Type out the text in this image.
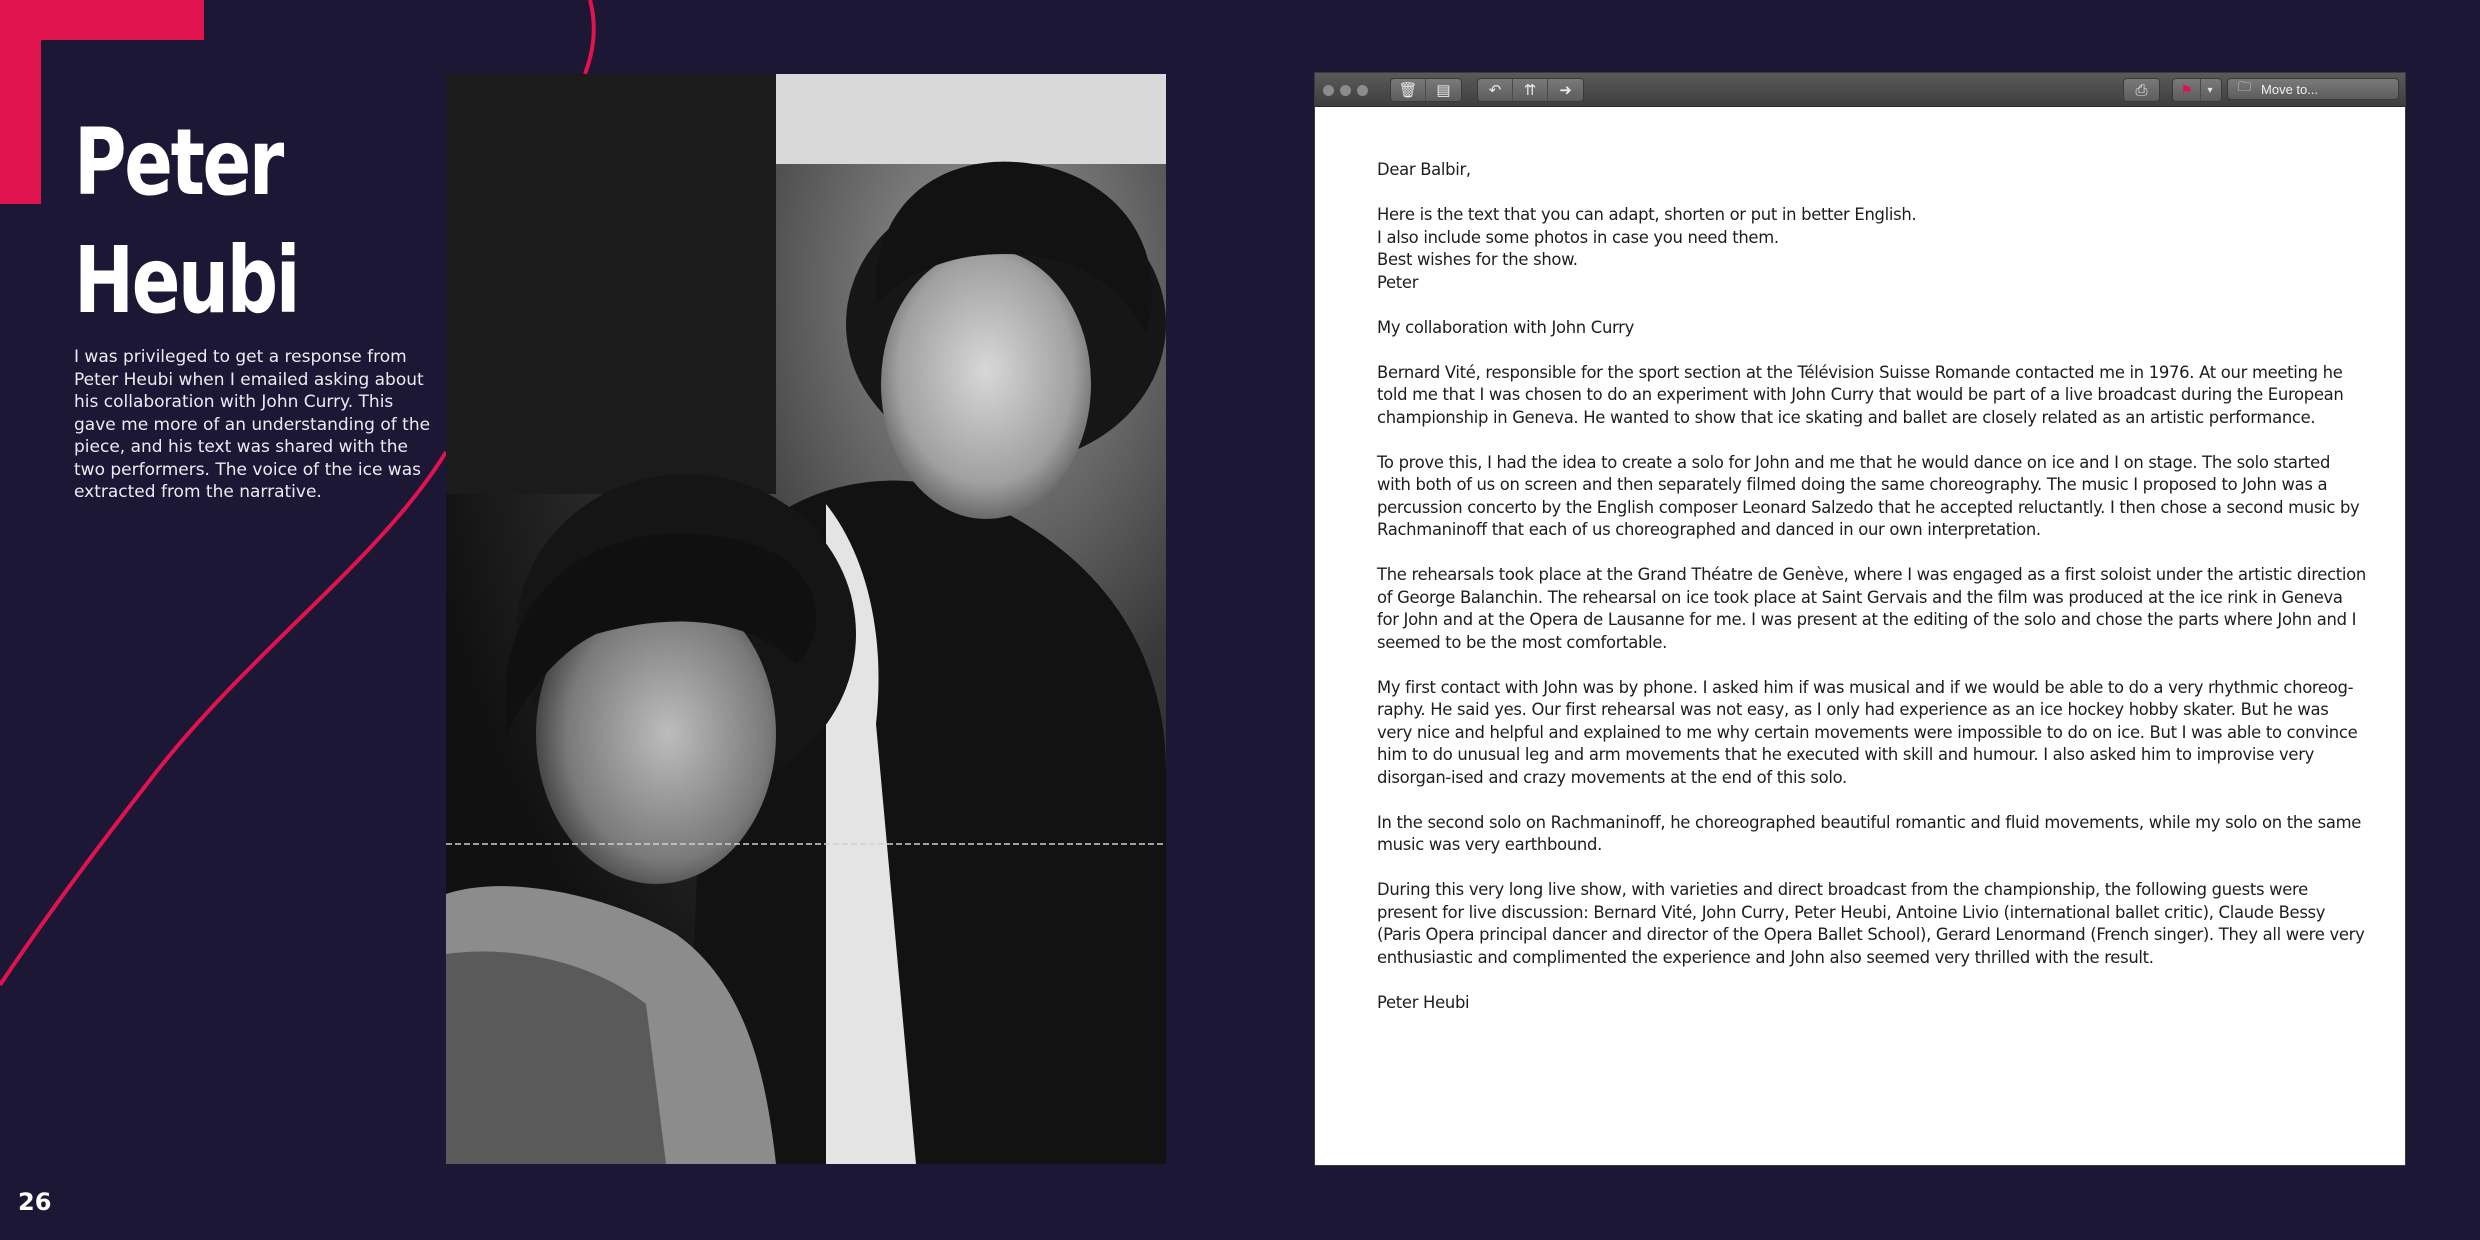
Peter
Heubi

I was privileged to get a response from Peter Heubi when I emailed asking about his collaboration with John Curry. This gave me more of an understanding of the piece, and his text was shared with the two performers. The voice of the ice was extracted from the narrative.

26
🗑	▤	↶	⇈	➜	⎙	⚑	▾	🗀 Move to...

Dear Balbir,

Here is the text that you can adapt, shorten or put in better English.

I also include some photos in case you need them.

Best wishes for the show.

Peter

My collaboration with John Curry

Bernard Vité, responsible for the sport section at the Télévision Suisse Romande contacted me in 1976. At our meeting he told me that I was chosen to do an experiment with John Curry that would be part of a live broadcast during the European championship in Geneva. He wanted to show that ice skating and ballet are closely related as an artistic performance.

To prove this, I had the idea to create a solo for John and me that he would dance on ice and I on stage. The solo started with both of us on screen and then separately filmed doing the same choreography. The music I proposed to John was a percussion concerto by the English composer Leonard Salzedo that he accepted reluctantly. I then chose a second music by Rachmaninoff that each of us choreographed and danced in our own interpretation.

The rehearsals took place at the Grand Théatre de Genève, where I was engaged as a first soloist under the artistic direction of George Balanchin. The rehearsal on ice took place at Saint Gervais and the film was produced at the ice rink in Geneva for John and at the Opera de Lausanne for me. I was present at the editing of the solo and chose the parts where John and I seemed to be the most comfortable.

My first contact with John was by phone. I asked him if was musical and if we would be able to do a very rhythmic choreog-raphy. He said yes. Our first rehearsal was not easy, as I only had experience as an ice hockey hobby skater. But he was very nice and helpful and explained to me why certain movements were impossible to do on ice. But I was able to convince him to do unusual leg and arm movements that he executed with skill and humour. I also asked him to improvise very disorgan-ised and crazy movements at the end of this solo.

In the second solo on Rachmaninoff, he choreographed beautiful romantic and fluid movements, while my solo on the same music was very earthbound.

During this very long live show, with varieties and direct broadcast from the championship, the following guests were present for live discussion: Bernard Vité, John Curry, Peter Heubi, Antoine Livio (international ballet critic), Claude Bessy (Paris Opera principal dancer and director of the Opera Ballet School), Gerard Lenormand (French singer). They all were very enthusiastic and complimented the experience and John also seemed very thrilled with the result.

Peter Heubi
